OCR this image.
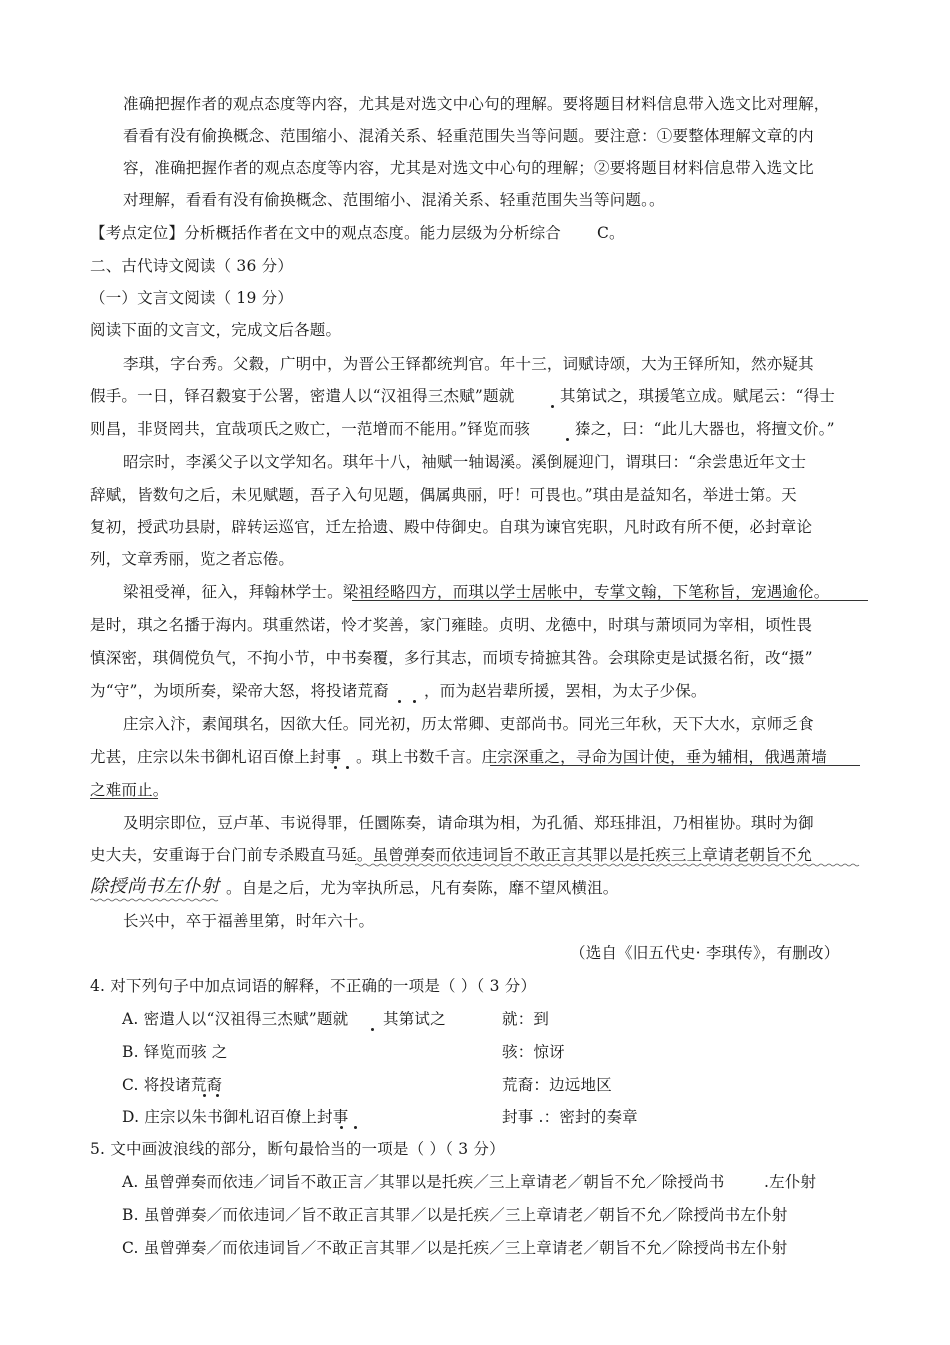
准确把握作者的观点态度等内容，尤其是对选文中心句的理解。要将题目材料信息带入选文比对理解，
看看有没有偷换概念、范围缩小、混淆关系、轻重范围失当等问题。要注意：①要整体理解文章的内
容，准确把握作者的观点态度等内容，尤其是对选文中心句的理解；②要将题目材料信息带入选文比
对理解，看看有没有偷换概念、范围缩小、混淆关系、轻重范围失当等问题。。
【考点定位】分析概括作者在文中的观点态度。能力层级为分析综合 C。
二、古代诗文阅读（ 36 分）
（一）文言文阅读（ 19 分）
阅读下面的文言文，完成文后各题。
李琪，字台秀。父縠，广明中，为晋公王铎都统判官。年十三，词赋诗颂，大为王铎所知，然亦疑其
假手。一日，铎召縠宴于公署，密遣人以“汉祖得三杰赋”题就	其第试之，琪援笔立成。赋尾云：“得士
则昌，非贤罔共，宜哉项氏之败亡，一范增而不能用。”铎览而骇	獉之，曰：“此儿大器也，将擅文价。”
昭宗时，李溪父子以文学知名。琪年十八，袖赋一轴谒溪。溪倒屣迎门，谓琪曰：“余尝患近年文士
辞赋，皆数句之后，未见赋题，吾子入句见题，偶属典丽，吁！可畏也。”琪由是益知名，举进士第。天
复初，授武功县尉，辟转运巡官，迁左拾遗、殿中侍御史。自琪为谏官宪职，凡时政有所不便，必封章论
列，文章秀丽，览之者忘倦。
梁祖受禅，征入，拜翰林学士。梁祖经略四方，而琪以学士居帐中，专掌文翰，下笔称旨，宠遇逾伦。
是时，琪之名播于海内。琪重然诺，怜才奖善，家门雍睦。贞明、龙德中，时琪与萧顷同为宰相，顷性畏
慎深密，琪倜傥负气，不拘小节，中书奏覆，多行其志，而顷专掎摭其咎。会琪除吏是试摄名衔，改“摄”
为“守”，为顷所奏，梁帝大怒，将投诸荒裔 ，而为赵岩辈所援，罢相，为太子少保。
庄宗入汴，素闻琪名，因欲大任。同光初，历太常卿、吏部尚书。同光三年秋，天下大水，京师乏食
尤甚，庄宗以朱书御札诏百僚上封事 。琪上书数千言。庄宗深重之，寻命为国计使，垂为辅相，俄遇萧墙
之难而止。
及明宗即位，豆卢革、韦说得罪，任圜陈奏，请命琪为相，为孔循、郑珏排沮，乃相崔协。琪时为御
史大夫，安重诲于台门前专杀殿直马延。虽曾弹奏而依违词旨不敢正言其罪以是托疾三上章请老朝旨不允
除授尚书左仆射 。自是之后，尤为宰执所忌，凡有奏陈，靡不望风横沮。
长兴中，卒于福善里第，时年六十。
（选自《旧五代史· 李琪传》，有删改）
4. 对下列句子中加点词语的解释，不正确的一项是（ ）（ 3 分）
A. 密遣人以“汉祖得三杰赋”题就 其第试之	就：到
B. 铎览而骇 之	骇：惊讶
C. 将投诸荒裔	荒裔：边远地区
D. 庄宗以朱书御札诏百僚上封事	封事 .：密封的奏章
5. 文中画波浪线的部分，断句最恰当的一项是（ ）（ 3 分）
A. 虽曾弹奏而依违／词旨不敢正言／其罪以是托疾／三上章请老／朝旨不允／除授尚书	.左仆射
B. 虽曾弹奏／而依违词／旨不敢正言其罪／以是托疾／三上章请老／朝旨不允／除授尚书左仆射
C. 虽曾弹奏／而依违词旨／不敢正言其罪／以是托疾／三上章请老／朝旨不允／除授尚书左仆射
